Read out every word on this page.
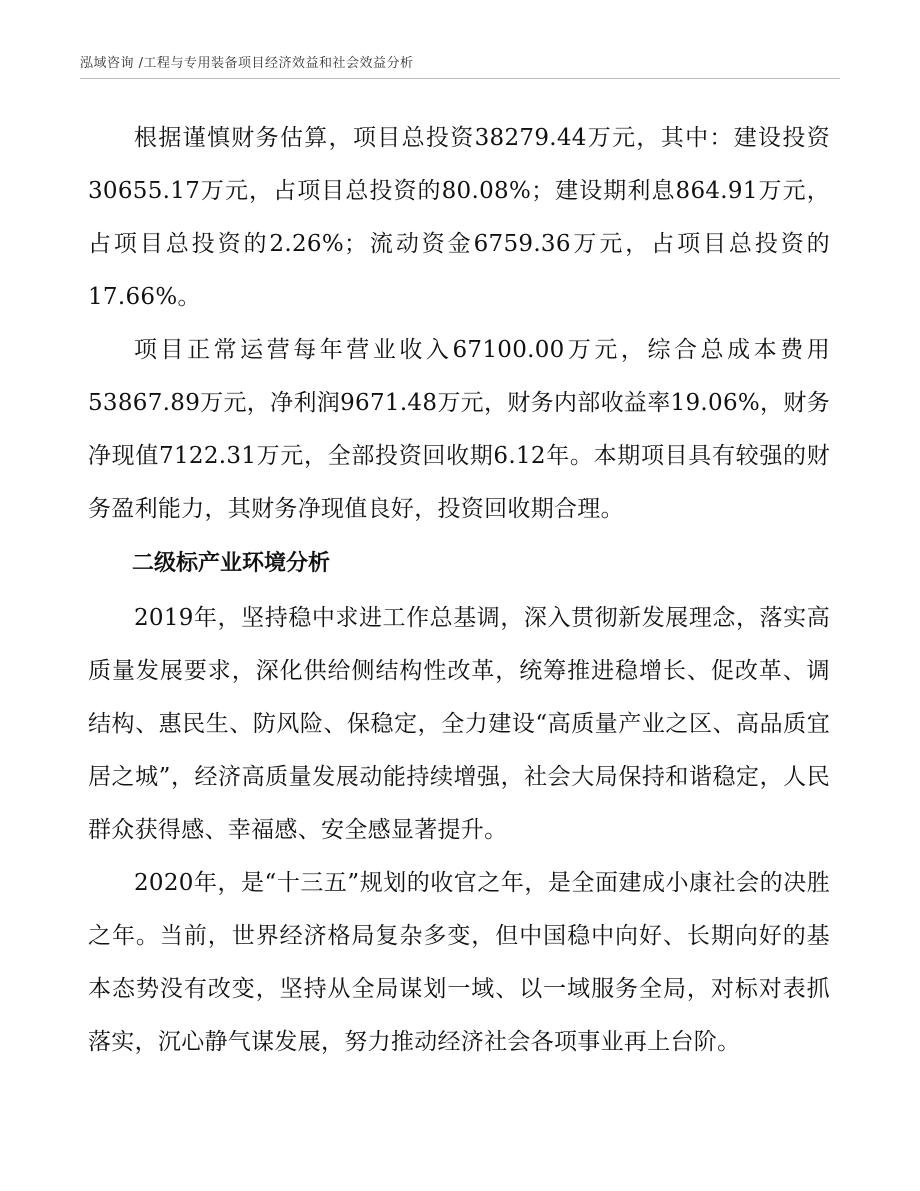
泓域咨询 /工程与专用装备项目经济效益和社会效益分析

根据谨慎财务估算，项目总投资38279.44万元，其中：建设投资30655.17万元，占项目总投资的80.08%；建设期利息864.91万元，占项目总投资的2.26%；流动资金6759.36万元，占项目总投资的17.66%。

项目正常运营每年营业收入67100.00万元，综合总成本费用53867.89万元，净利润9671.48万元，财务内部收益率19.06%，财务净现值7122.31万元，全部投资回收期6.12年。本期项目具有较强的财务盈利能力，其财务净现值良好，投资回收期合理。

二级标产业环境分析

2019年，坚持稳中求进工作总基调，深入贯彻新发展理念，落实高质量发展要求，深化供给侧结构性改革，统筹推进稳增长、促改革、调结构、惠民生、防风险、保稳定，全力建设“高质量产业之区、高品质宜居之城”，经济高质量发展动能持续增强，社会大局保持和谐稳定，人民群众获得感、幸福感、安全感显著提升。

2020年，是“十三五”规划的收官之年，是全面建成小康社会的决胜之年。当前，世界经济格局复杂多变，但中国稳中向好、长期向好的基本态势没有改变，坚持从全局谋划一域、以一域服务全局，对标对表抓落实，沉心静气谋发展，努力推动经济社会各项事业再上台阶。
